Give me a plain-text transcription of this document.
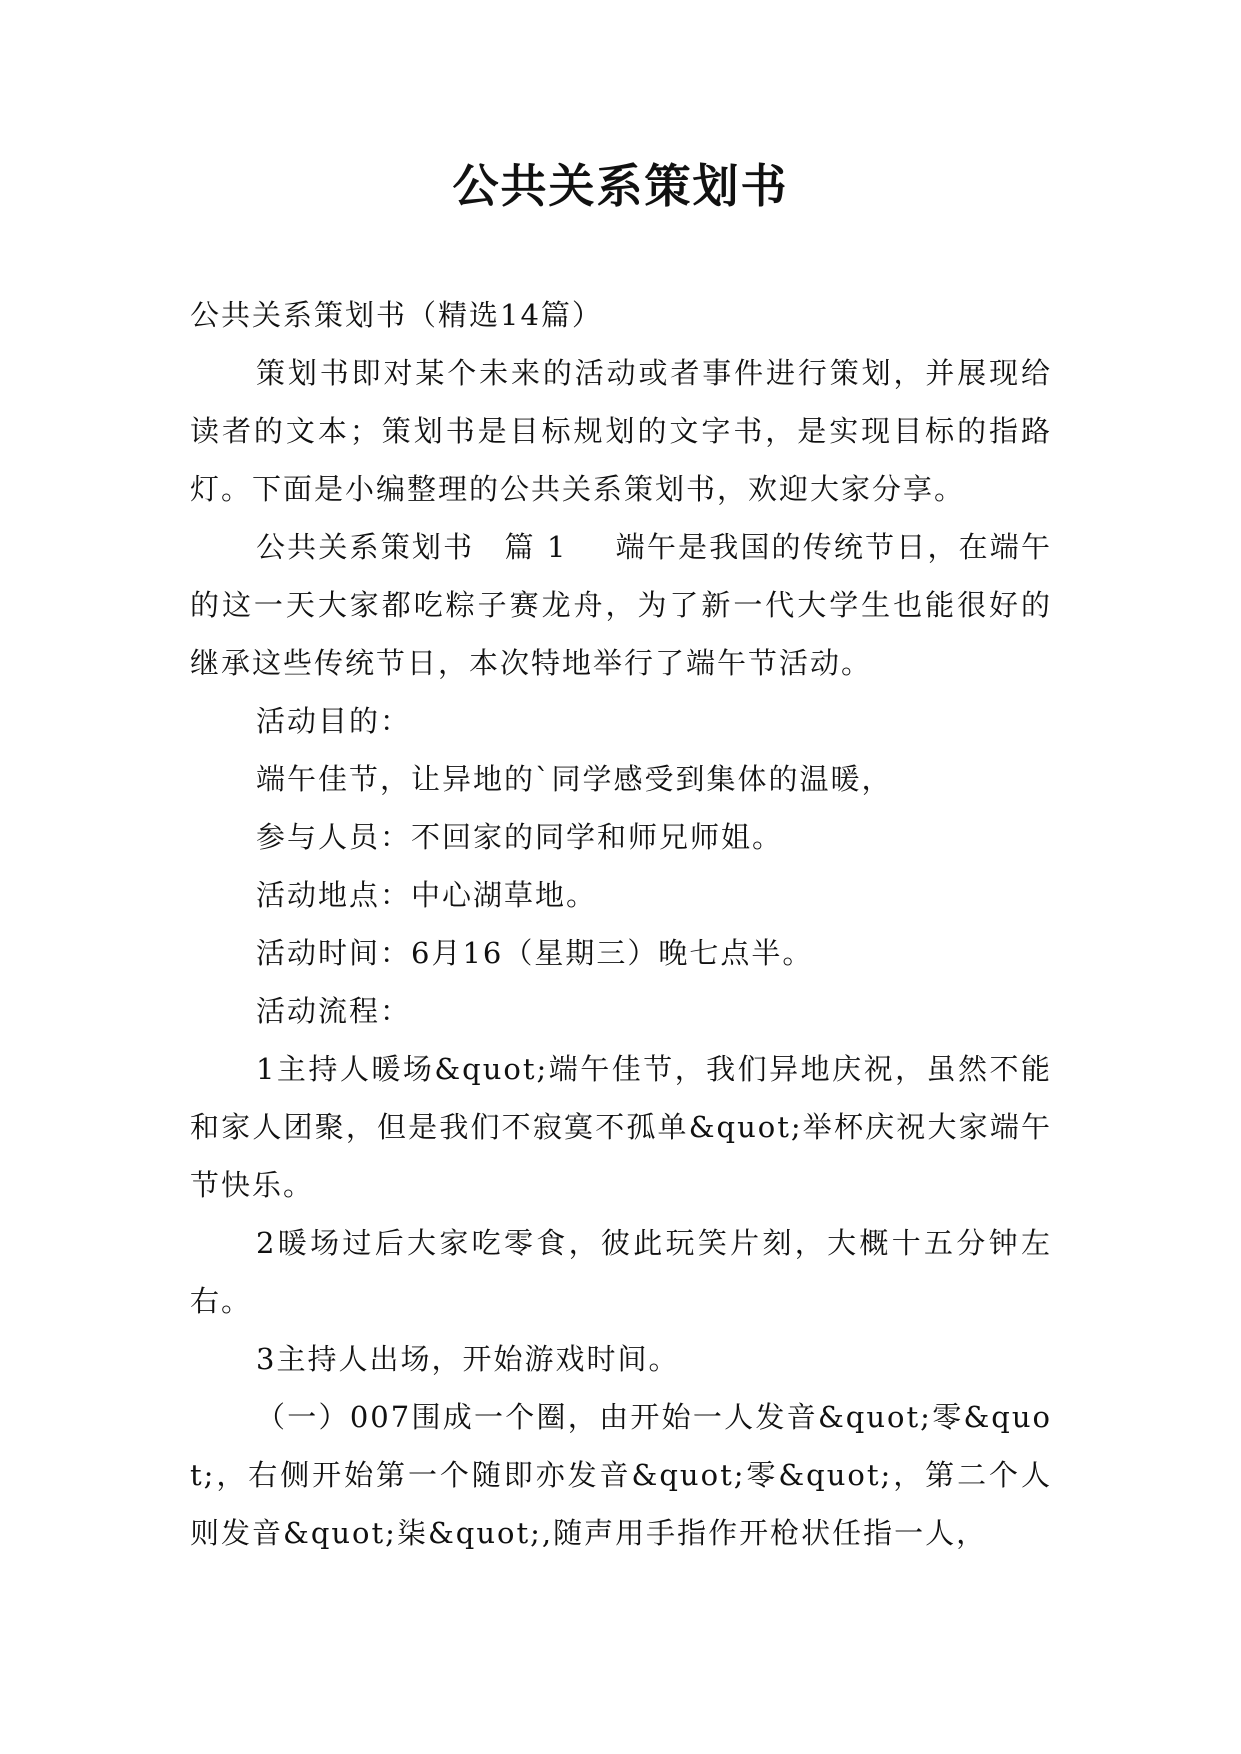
公共关系策划书

公共关系策划书（精选14篇）

策划书即对某个未来的活动或者事件进行策划，并展现给读者的文本；策划书是目标规划的文字书，是实现目标的指路灯。下面是小编整理的公共关系策划书，欢迎大家分享。

公共关系策划书 篇 1 端午是我国的传统节日，在端午的这一天大家都吃粽子赛龙舟，为了新一代大学生也能很好的继承这些传统节日，本次特地举行了端午节活动。

活动目的：

端午佳节，让异地的`同学感受到集体的温暖，

参与人员：不回家的同学和师兄师姐。

活动地点：中心湖草地。

活动时间：6月16（星期三）晚七点半。

活动流程：

1主持人暖场&quot;端午佳节，我们异地庆祝，虽然不能和家人团聚，但是我们不寂寞不孤单&quot;举杯庆祝大家端午节快乐。

2暖场过后大家吃零食，彼此玩笑片刻，大概十五分钟左右。

3主持人出场，开始游戏时间。

（一）007围成一个圈，由开始一人发音&quot;零&quot;，右侧开始第一个随即亦发音&quot;零&quot;，第二个人则发音&quot;柒&quot;,随声用手指作开枪状任指一人，
